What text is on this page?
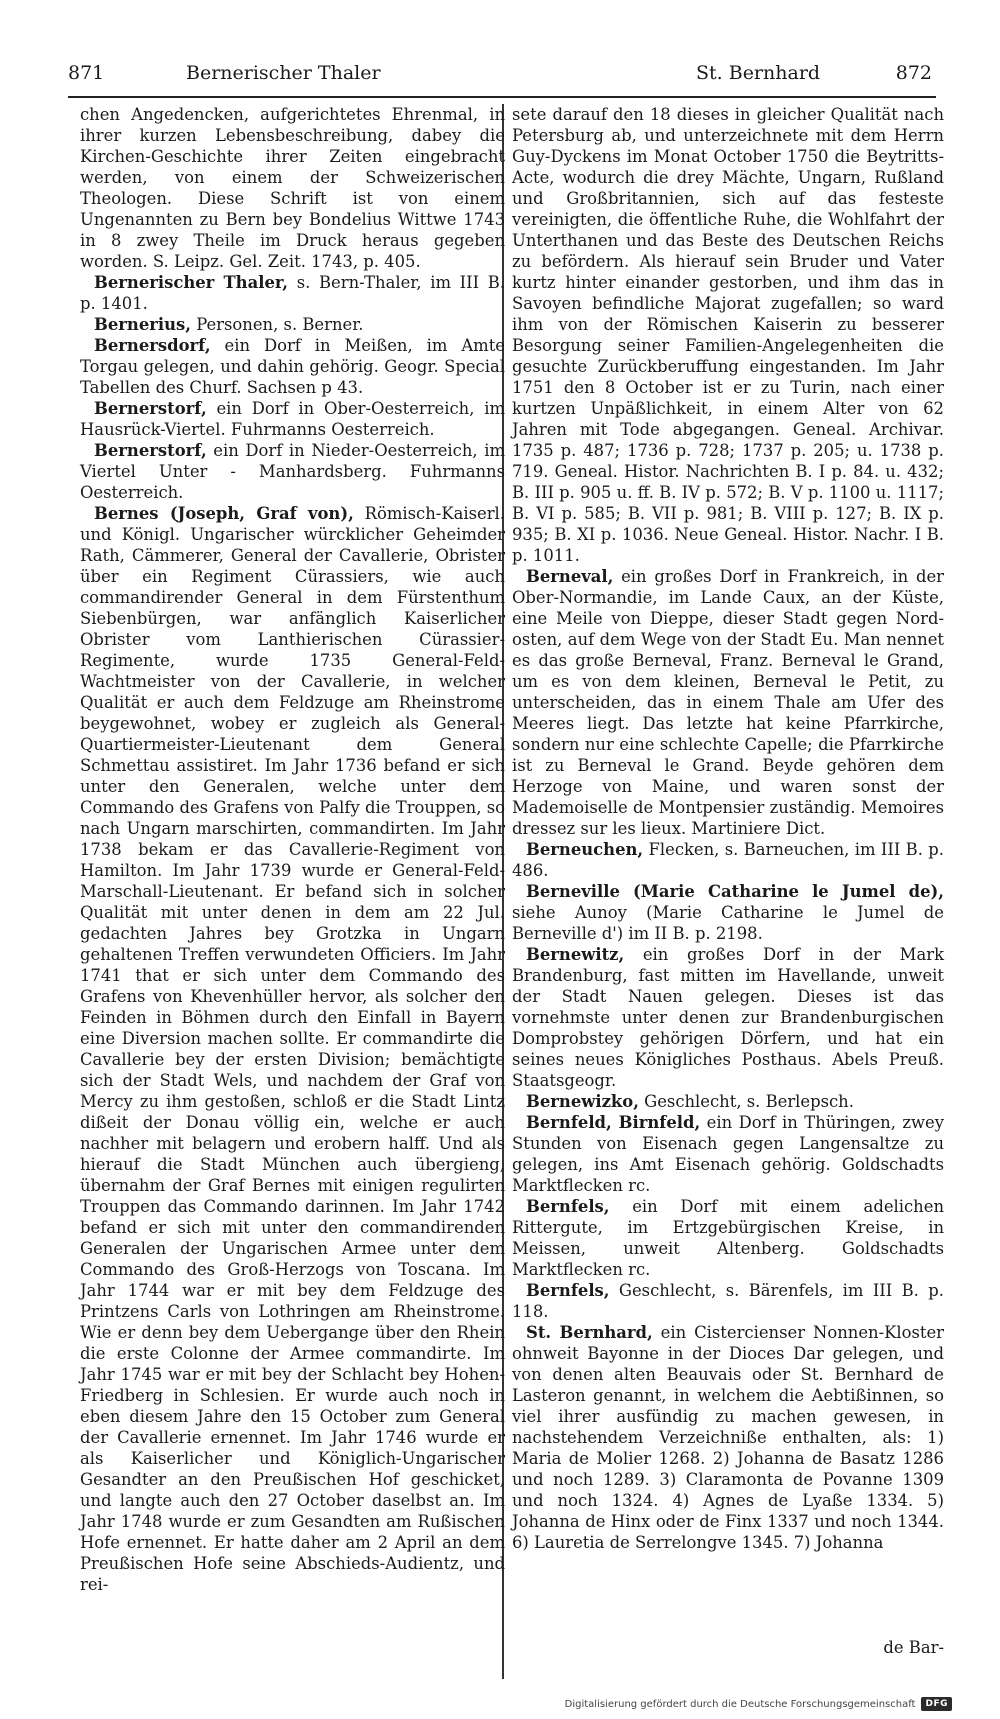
871	Bernerischer Thaler	St. Bernhard	872

chen Angedencken, aufgerichtetes Ehrenmal, in ihrer kurzen Lebensbeschreibung, dabey die Kirchen-Geschichte ihrer Zeiten eingebracht werden, von einem der Schweizerischen Theologen. Diese Schrift ist von einem Ungenannten zu Bern bey Bondelius Wittwe 1743 in 8 zwey Theile im Druck heraus gegeben worden. S. Leipz. Gel. Zeit. 1743, p. 405.

Bernerischer Thaler, s. Bern-Thaler, im III B. p. 1401.

Bernerius, Personen, s. Berner.

Bernersdorf, ein Dorf in Meißen, im Amte Torgau gelegen, und dahin gehörig. Geogr. Special Tabellen des Churf. Sachsen p 43.

Bernerstorf, ein Dorf in Ober-Oesterreich, im Hausrück-Viertel. Fuhrmanns Oesterreich.

Bernerstorf, ein Dorf in Nieder-Oesterreich, im Viertel Unter - Manhardsberg. Fuhrmanns Oesterreich.

Bernes (Joseph, Graf von), Römisch-Kaiserl. und Königl. Ungarischer würcklicher Geheimder Rath, Cämmerer, General der Cavallerie, Obrister über ein Regiment Cürassiers, wie auch commandirender General in dem Fürstenthum Siebenbürgen, war anfänglich Kaiserlicher Obrister vom Lanthierischen Cürassier-Regimente, wurde 1735 General-Feld-Wachtmeister von der Cavallerie, in welcher Qualität er auch dem Feldzuge am Rheinstrome beygewohnet, wobey er zugleich als General-Quartiermeister-Lieutenant dem General Schmettau assistiret. Im Jahr 1736 befand er sich unter den Generalen, welche unter dem Commando des Grafens von Palfy die Trouppen, so nach Ungarn marschirten, commandirten. Im Jahr 1738 bekam er das Cavallerie-Regiment von Hamilton. Im Jahr 1739 wurde er General-Feld-Marschall-Lieutenant. Er befand sich in solcher Qualität mit unter denen in dem am 22 Jul. gedachten Jahres bey Grotzka in Ungarn gehaltenen Treffen verwundeten Officiers. Im Jahr 1741 that er sich unter dem Commando des Grafens von Khevenhüller hervor, als solcher den Feinden in Böhmen durch den Einfall in Bayern eine Diversion machen sollte. Er commandirte die Cavallerie bey der ersten Division; bemächtigte sich der Stadt Wels, und nachdem der Graf von Mercy zu ihm gestoßen, schloß er die Stadt Lintz dißeit der Donau völlig ein, welche er auch nachher mit belagern und erobern halff. Und als hierauf die Stadt München auch übergieng, übernahm der Graf Bernes mit einigen regulirten Trouppen das Commando darinnen. Im Jahr 1742 befand er sich mit unter den commandirenden Generalen der Ungarischen Armee unter dem Commando des Groß-Herzogs von Toscana. Im Jahr 1744 war er mit bey dem Feldzuge des Printzens Carls von Lothringen am Rheinstrome. Wie er denn bey dem Uebergange über den Rhein die erste Colonne der Armee commandirte. Im Jahr 1745 war er mit bey der Schlacht bey Hohen-Friedberg in Schlesien. Er wurde auch noch in eben diesem Jahre den 15 October zum General der Cavallerie ernennet. Im Jahr 1746 wurde er als Kaiserlicher und Königlich-Ungarischer Gesandter an den Preußischen Hof geschicket, und langte auch den 27 October daselbst an. Im Jahr 1748 wurde er zum Gesandten am Rußischen Hofe ernennet. Er hatte daher am 2 April an dem Preußischen Hofe seine Abschieds-Audientz, und rei-

sete darauf den 18 dieses in gleicher Qualität nach Petersburg ab, und unterzeichnete mit dem Herrn Guy-Dyckens im Monat October 1750 die Beytritts-Acte, wodurch die drey Mächte, Ungarn, Rußland und Großbritannien, sich auf das festeste vereinigten, die öffentliche Ruhe, die Wohlfahrt der Unterthanen und das Beste des Deutschen Reichs zu befördern. Als hierauf sein Bruder und Vater kurtz hinter einander gestorben, und ihm das in Savoyen befindliche Majorat zugefallen; so ward ihm von der Römischen Kaiserin zu besserer Besorgung seiner Familien-Angelegenheiten die gesuchte Zurückberuffung eingestanden. Im Jahr 1751 den 8 October ist er zu Turin, nach einer kurtzen Unpäßlichkeit, in einem Alter von 62 Jahren mit Tode abgegangen. Geneal. Archivar. 1735 p. 487; 1736 p. 728; 1737 p. 205; u. 1738 p. 719. Geneal. Histor. Nachrichten B. I p. 84. u. 432; B. III p. 905 u. ff. B. IV p. 572; B. V p. 1100 u. 1117; B. VI p. 585; B. VII p. 981; B. VIII p. 127; B. IX p. 935; B. XI p. 1036. Neue Geneal. Histor. Nachr. I B. p. 1011.

Berneval, ein großes Dorf in Frankreich, in der Ober-Normandie, im Lande Caux, an der Küste, eine Meile von Dieppe, dieser Stadt gegen Nord-osten, auf dem Wege von der Stadt Eu. Man nennet es das große Berneval, Franz. Berneval le Grand, um es von dem kleinen, Berneval le Petit, zu unterscheiden, das in einem Thale am Ufer des Meeres liegt. Das letzte hat keine Pfarrkirche, sondern nur eine schlechte Capelle; die Pfarrkirche ist zu Berneval le Grand. Beyde gehören dem Herzoge von Maine, und waren sonst der Mademoiselle de Montpensier zuständig. Memoires dressez sur les lieux. Martiniere Dict.

Berneuchen, Flecken, s. Barneuchen, im III B. p. 486.

Berneville (Marie Catharine le Jumel de), siehe Aunoy (Marie Catharine le Jumel de Berneville d') im II B. p. 2198.

Bernewitz, ein großes Dorf in der Mark Brandenburg, fast mitten im Havellande, unweit der Stadt Nauen gelegen. Dieses ist das vornehmste unter denen zur Brandenburgischen Domprobstey gehörigen Dörfern, und hat ein seines neues Königliches Posthaus. Abels Preuß. Staatsgeogr.

Bernewizko, Geschlecht, s. Berlepsch.

Bernfeld, Birnfeld, ein Dorf in Thüringen, zwey Stunden von Eisenach gegen Langensaltze zu gelegen, ins Amt Eisenach gehörig. Goldschadts Marktflecken rc.

Bernfels, ein Dorf mit einem adelichen Rittergute, im Ertzgebürgischen Kreise, in Meissen, unweit Altenberg. Goldschadts Marktflecken rc.

Bernfels, Geschlecht, s. Bärenfels, im III B. p. 118.

St. Bernhard, ein Cistercienser Nonnen-Kloster ohnweit Bayonne in der Dioces Dar gelegen, und von denen alten Beauvais oder St. Bernhard de Lasteron genannt, in welchem die Aebtißinnen, so viel ihrer ausfündig zu machen gewesen, in nachstehendem Verzeichniße enthalten, als: 1) Maria de Molier 1268. 2) Johanna de Basatz 1286 und noch 1289. 3) Claramonta de Povanne 1309 und noch 1324. 4) Agnes de Lyaße 1334. 5) Johanna de Hinx oder de Finx 1337 und noch 1344. 6) Lauretia de Serrelongve 1345. 7) Johanna

de Bar-
Digitalisierung gefördert durch die Deutsche Forschungsgemeinschaft	DFG
